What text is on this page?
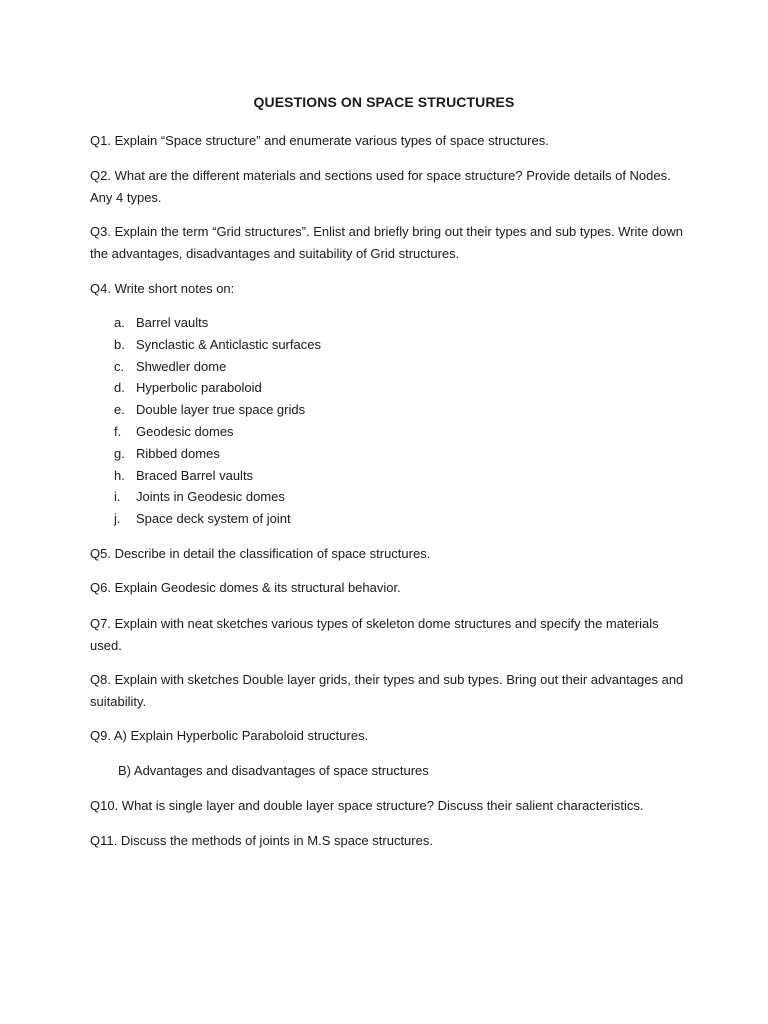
QUESTIONS ON SPACE STRUCTURES

Q1. Explain “Space structure” and enumerate various types of space structures.

Q2. What are the different materials and sections used for space structure? Provide details of Nodes. Any 4 types.

Q3. Explain the term “Grid structures”. Enlist and briefly bring out their types and sub types. Write down the advantages, disadvantages and suitability of Grid structures.

Q4. Write short notes on:

a. Barrel vaults
b. Synclastic & Anticlastic surfaces
c. Shwedler dome
d. Hyperbolic paraboloid
e. Double layer true space grids
f. Geodesic domes
g. Ribbed domes
h. Braced Barrel vaults
i. Joints in Geodesic domes
j. Space deck system of joint

Q5. Describe in detail the classification of space structures.

Q6. Explain Geodesic domes & its structural behavior.

Q7. Explain with neat sketches various types of skeleton dome structures and specify the materials used.

Q8. Explain with sketches Double layer grids, their types and sub types. Bring out their advantages and suitability.

Q9. A) Explain Hyperbolic Paraboloid structures.

B) Advantages and disadvantages of space structures

Q10. What is single layer and double layer space structure? Discuss their salient characteristics.

Q11. Discuss the methods of joints in M.S space structures.
